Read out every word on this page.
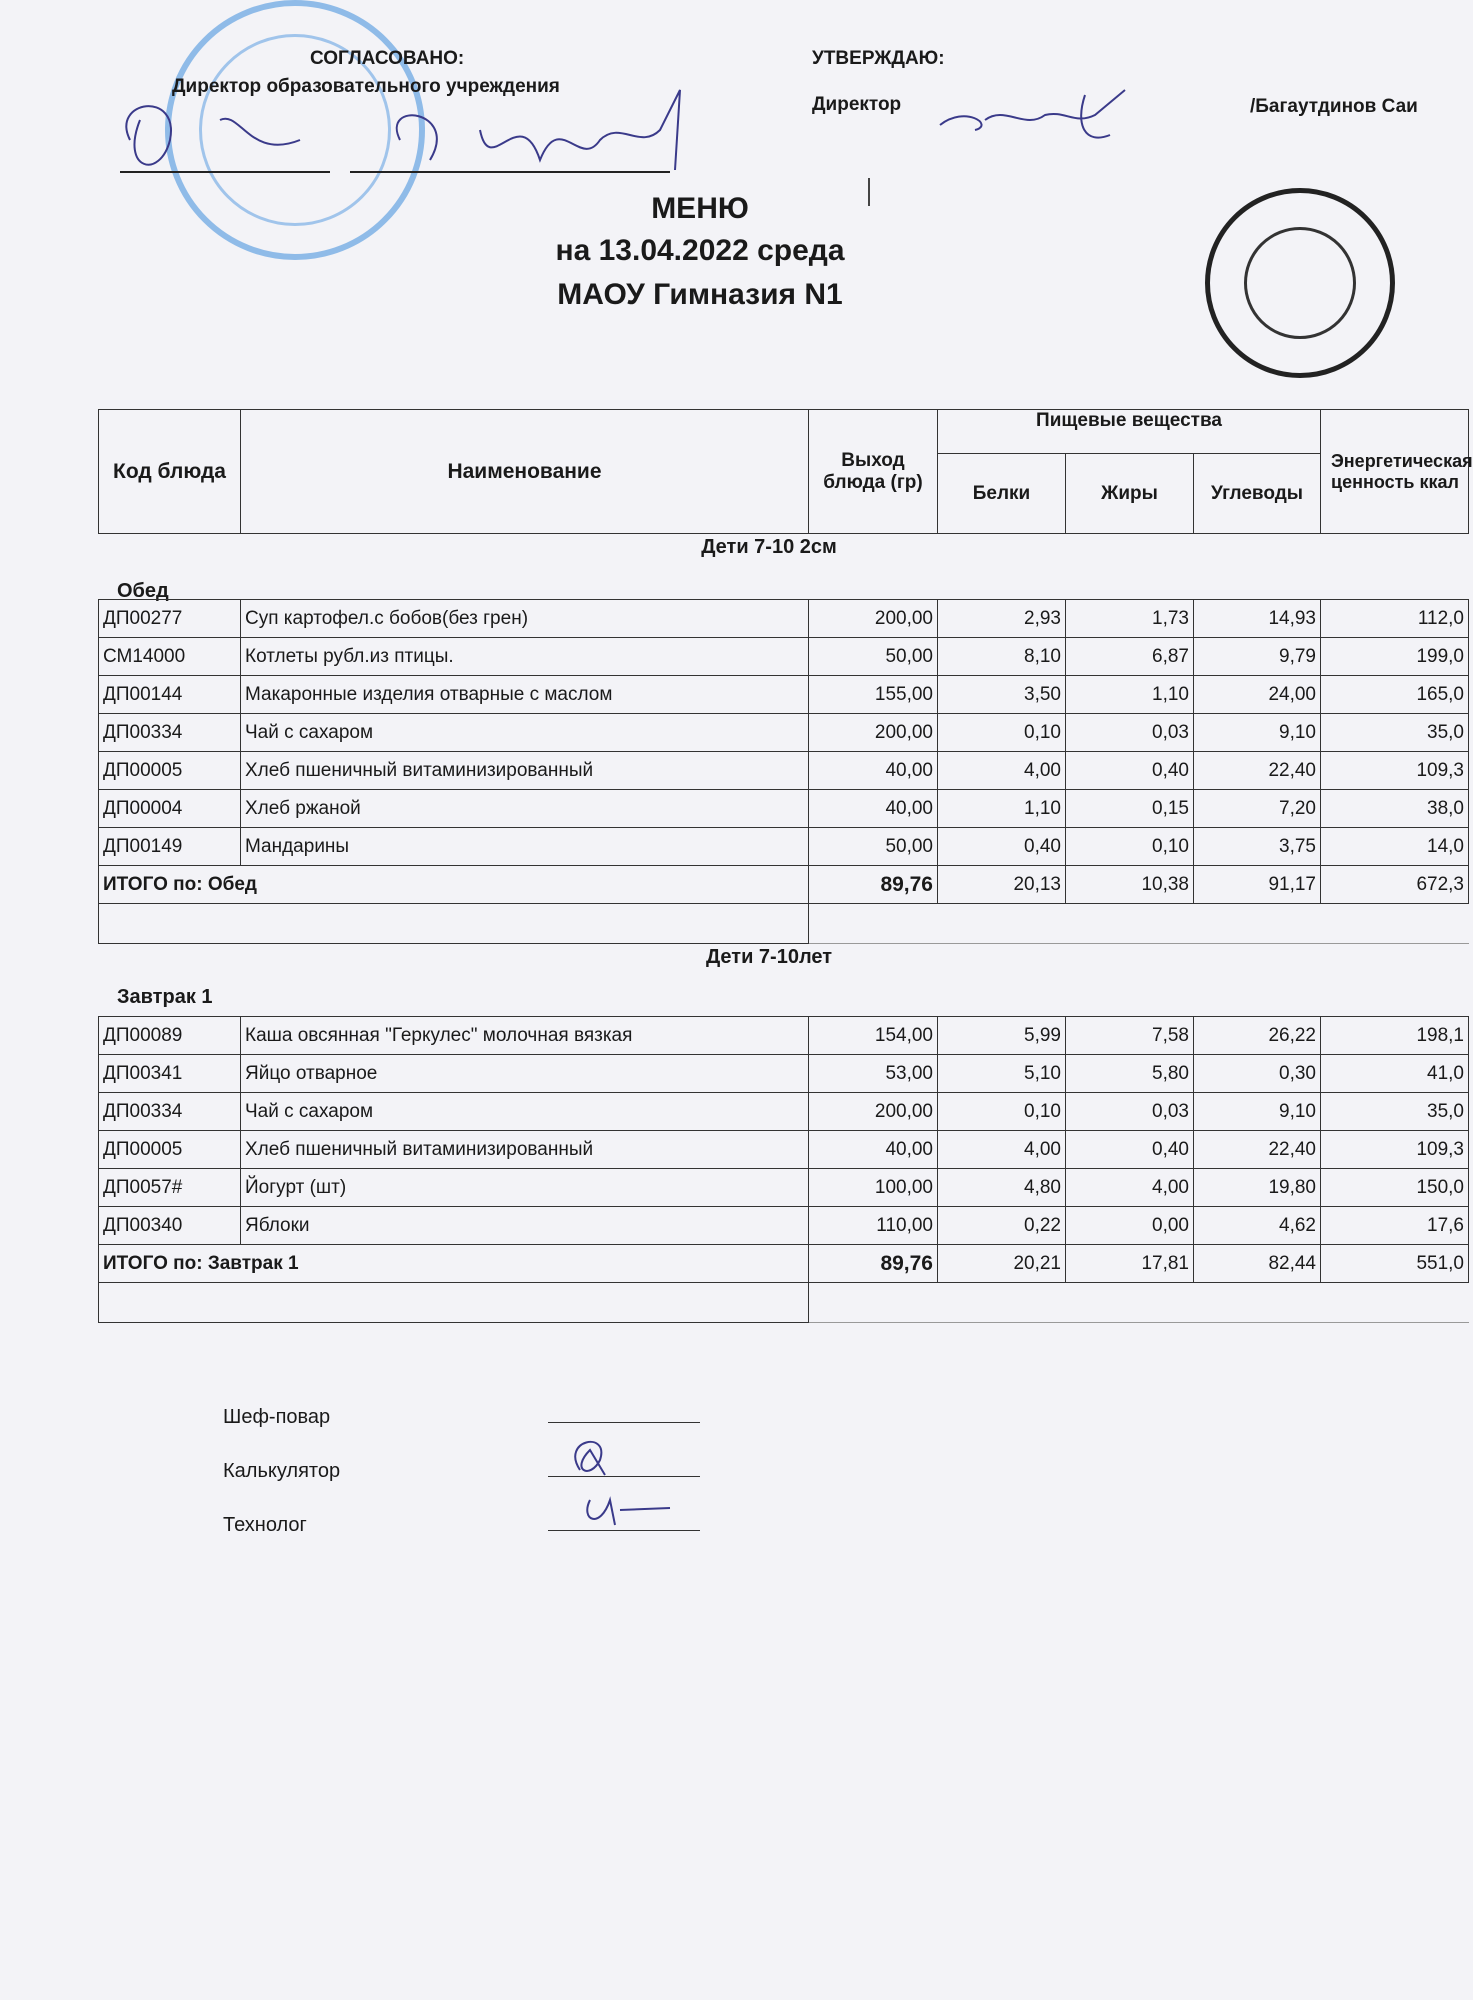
СОГЛАСОВАНО:
Директор образовательного учреждения
УТВЕРЖДАЮ:
Директор	/Багаутдинов Саи
МЕНЮ
на 13.04.2022 среда
МАОУ Гимназия N1
Код блюда	Наименование	Выход блюда (гр)	Пищевые вещества			Энергетическая ценность ккал
			Белки	Жиры	Углеводы	
Дети 7-10 2см
Обед
ДП00277	Суп картофел.с бобов(без грен)	200,00	2,93	1,73	14,93	112,0
СМ14000	Котлеты рубл.из птицы.	50,00	8,10	6,87	9,79	199,0
ДП00144	Макаронные изделия отварные с маслом	155,00	3,50	1,10	24,00	165,0
ДП00334	Чай с сахаром	200,00	0,10	0,03	9,10	35,0
ДП00005	Хлеб пшеничный витаминизированный	40,00	4,00	0,40	22,40	109,3
ДП00004	Хлеб ржаной	40,00	1,10	0,15	7,20	38,0
ДП00149	Мандарины	50,00	0,40	0,10	3,75	14,0
ИТОГО по: Обед		89,76	20,13	10,38	91,17	672,3

Дети 7-10лет
Завтрак 1
ДП00089	Каша овсянная "Геркулес" молочная вязкая	154,00	5,99	7,58	26,22	198,1
ДП00341	Яйцо отварное	53,00	5,10	5,80	0,30	41,0
ДП00334	Чай с сахаром	200,00	0,10	0,03	9,10	35,0
ДП00005	Хлеб пшеничный витаминизированный	40,00	4,00	0,40	22,40	109,3
ДП0057#	Йогурт (шт)	100,00	4,80	4,00	19,80	150,0
ДП00340	Яблоки	110,00	0,22	0,00	4,62	17,6
ИТОГО по: Завтрак 1		89,76	20,21	17,81	82,44	551,0

Шеф-повар
Калькулятор
Технолог
